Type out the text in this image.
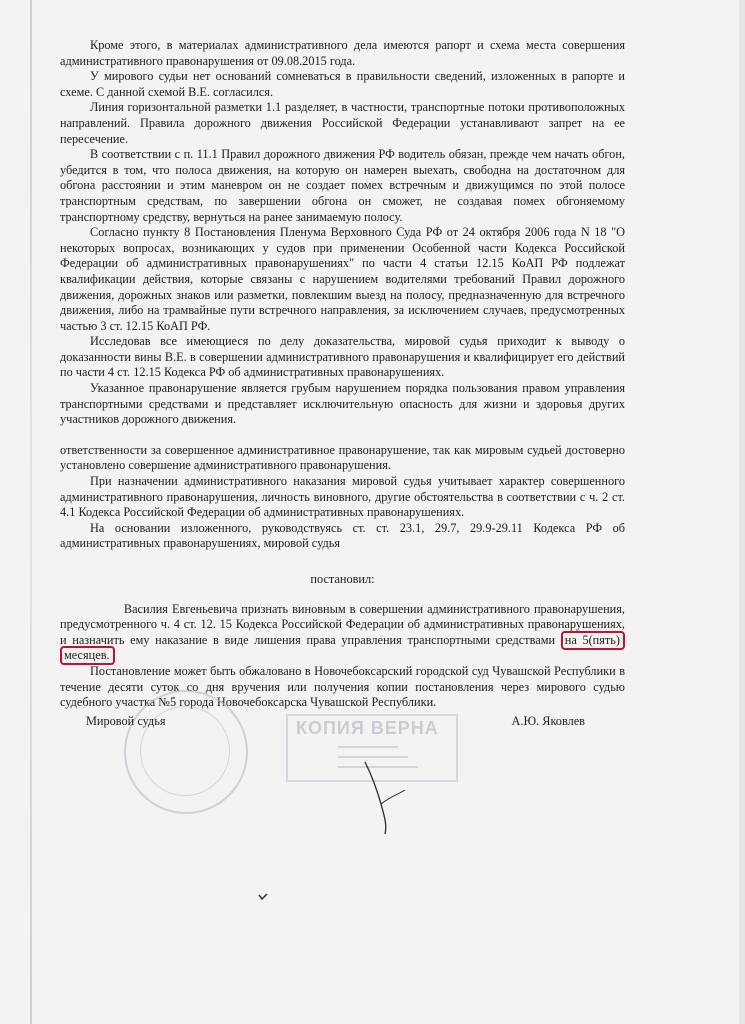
Кроме этого, в материалах административного дела имеются рапорт и схема места совершения административного правонарушения от 09.08.2015 года.

У мирового судьи нет оснований сомневаться в правильности сведений, изложенных в рапорте и схеме. С данной схемой В.Е. согласился.

Линия горизонтальной разметки 1.1 разделяет, в частности, транспортные потоки противоположных направлений. Правила дорожного движения Российской Федерации устанавливают запрет на ее пересечение.

В соответствии с п. 11.1 Правил дорожного движения РФ водитель обязан, прежде чем начать обгон, убедится в том, что полоса движения, на которую он намерен выехать, свободна на достаточном для обгона расстоянии и этим маневром он не создает помех встречным и движущимся по этой полосе транспортным средствам, по завершении обгона он сможет, не создавая помех обгоняемому транспортному средству, вернуться на ранее занимаемую полосу.

Согласно пункту 8 Постановления Пленума Верховного Суда РФ от 24 октября 2006 года N 18 "О некоторых вопросах, возникающих у судов при применении Особенной части Кодекса Российской Федерации об административных правонарушениях" по части 4 статьи 12.15 КоАП РФ подлежат квалификации действия, которые связаны с нарушением водителями требований Правил дорожного движения, дорожных знаков или разметки, повлекшим выезд на полосу, предназначенную для встречного движения, либо на трамвайные пути встречного направления, за исключением случаев, предусмотренных частью 3 ст. 12.15 КоАП РФ.

Исследовав все имеющиеся по делу доказательства, мировой судья приходит к выводу о доказанности вины В.Е. в совершении административного правонарушения и квалифицирует его действий по части 4 ст. 12.15 Кодекса РФ об административных правонарушениях.

Указанное правонарушение является грубым нарушением порядка пользования правом управления транспортными средствами и представляет исключительную опасность для жизни и здоровья других участников дорожного движения.

ответственности за совершенное административное правонарушение, так как мировым судьей достоверно установлено совершение административного правонарушения.

При назначении административного наказания мировой судья учитывает характер совершенного административного правонарушения, личность виновного, другие обстоятельства в соответствии с ч. 2 ст. 4.1 Кодекса Российской Федерации об административных правонарушениях.

На основании изложенного, руководствуясь ст. ст. 23.1, 29.7, 29.9-29.11 Кодекса РФ об административных правонарушениях, мировой судья

постановил:

Василия Евгеньевича признать виновным в совершении административного правонарушения, предусмотренного ч. 4 ст. 12. 15 Кодекса Российской Федерации об административных правонарушениях, и назначить ему наказание в виде лишения права управления транспортными средствами на 5(пять) месяцев.

Постановление может быть обжаловано в Новочебоксарский городской суд Чувашской Республики в течение десяти суток со дня вручения или получения копии постановления через мирового судью судебного участка №5 города Новочебоксарска Чувашской Республики.

КОПИЯ ВЕРНА
Мировой судья	А.Ю. Яковлев
